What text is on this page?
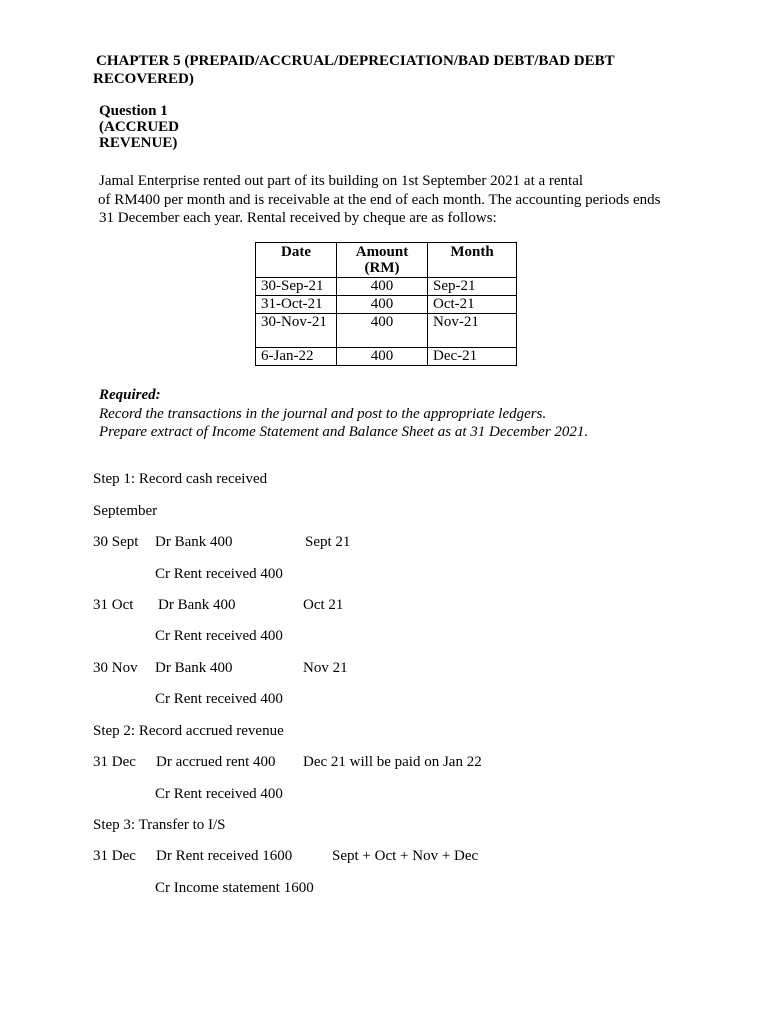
CHAPTER 5 (PREPAID/ACCRUAL/DEPRECIATION/BAD DEBT/BAD DEBT
RECOVERED)
Question 1
(ACCRUED
REVENUE)
Jamal Enterprise rented out part of its building on 1st September 2021 at a rental
of RM400 per month and is receivable at the end of each month. The accounting periods ends
31 December each year. Rental received by cheque are as follows:
Date	Amount (RM)	Month
30-Sep-21	400	Sep-21
31-Oct-21	400	Oct-21
30-Nov-21	400	Nov-21
6-Jan-22	400	Dec-21
Required:
Record the transactions in the journal and post to the appropriate ledgers.
Prepare extract of Income Statement and Balance Sheet as at 31 December 2021.
Step 1: Record cash received
September
30 Sept Dr Bank 400	Sept 21
Cr Rent received 400
31 Oct Dr Bank 400	Oct 21
Cr Rent received 400
30 Nov Dr Bank 400	Nov 21
Cr Rent received 400
Step 2: Record accrued revenue
31 Dec Dr accrued rent 400 Dec 21 will be paid on Jan 22
Cr Rent received 400
Step 3: Transfer to I/S
31 Dec Dr Rent received 1600	Sept + Oct + Nov + Dec
Cr Income statement 1600
